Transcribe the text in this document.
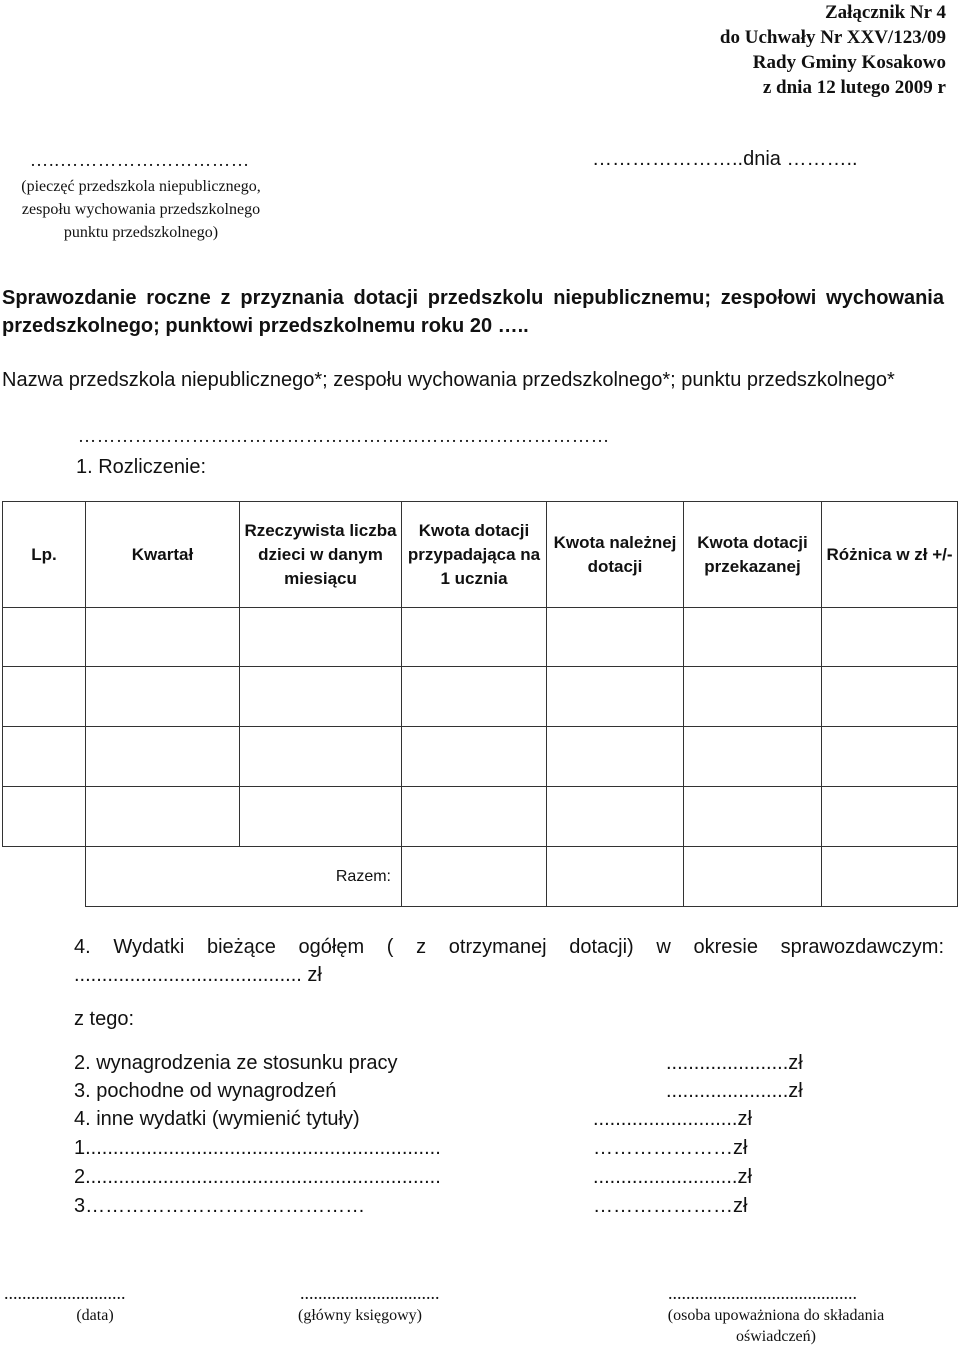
Załącznik Nr 4
do Uchwały Nr XXV/123/09
Rady Gminy Kosakowo
z dnia 12 lutego 2009 r
…..…………………………
(pieczęć przedszkola niepublicznego,
zespołu wychowania przedszkolnego
punktu przedszkolnego)
…………………..dnia ………..
Sprawozdanie roczne z przyznania dotacji przedszkolu niepublicznemu; zespołowi wychowania przedszkolnego; punktowi przedszkolnemu roku 20 …..
Nazwa przedszkola niepublicznego*; zespołu wychowania przedszkolnego*; punktu przedszkolnego*
…………………………………………………………………………
1. Rozliczenie:
Lp.	Kwartał	Rzeczywista liczba dzieci w danym miesiącu	Kwota dotacji przypadająca na 1 ucznia	Kwota należnej dotacji	Kwota dotacji przekazanej	Różnica w zł +/-

	Razem:					
4. Wydatki bieżące ogółęm ( z otrzymanej dotacji) w okresie sprawozdawczym: ......................................... zł
z tego:
2. wynagrodzenia ze stosunku pracy	......................zł
3. pochodne od wynagrodzeń	......................zł
4. inne wydatki (wymienić tytuły)	..........................zł
1................................................................	…………………zł
2................................................................	..........................zł
3……………………………………	…………………zł
...........................
(data)
...............................
(główny księgowy)
..........................................
(osoba upoważniona do składania oświadczeń)
